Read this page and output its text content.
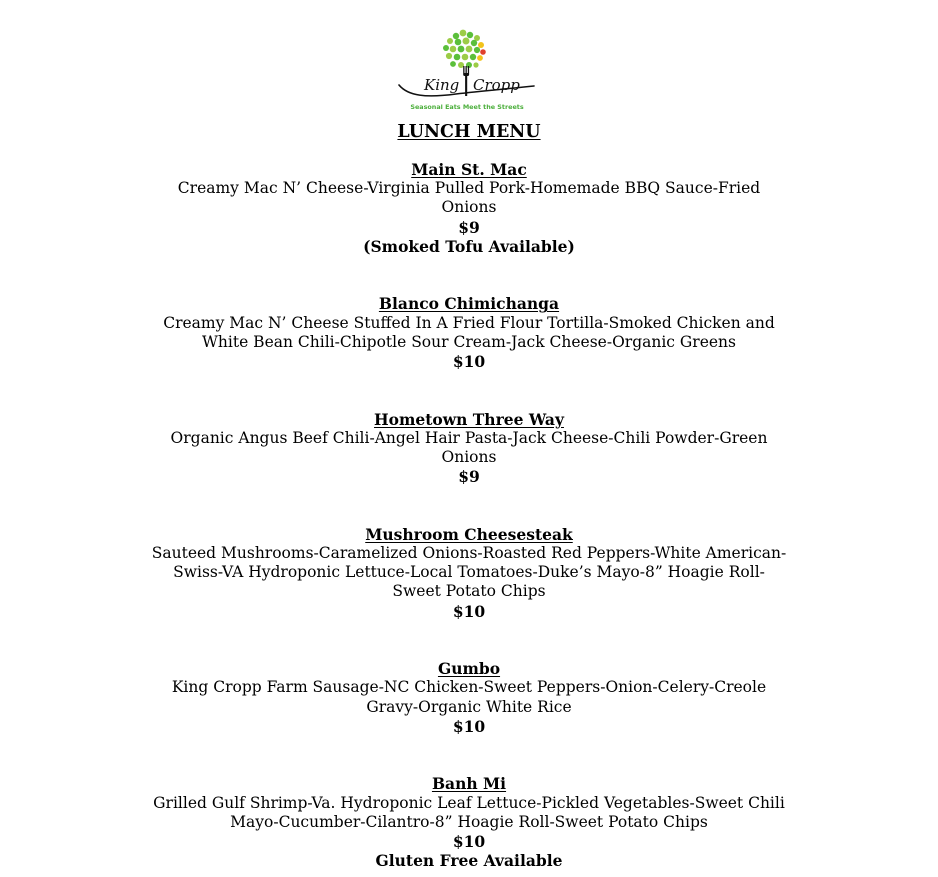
King Cropp
Seasonal Eats Meet the Streets
LUNCH MENU
Main St. Mac
Creamy Mac N’ Cheese-Virginia Pulled Pork-Homemade BBQ Sauce-Fried Onions
$9
(Smoked Tofu Available)
Blanco Chimichanga
Creamy Mac N’ Cheese Stuffed In A Fried Flour Tortilla-Smoked Chicken and White Bean Chili-Chipotle Sour Cream-Jack Cheese-Organic Greens
$10
Hometown Three Way
Organic Angus Beef Chili-Angel Hair Pasta-Jack Cheese-Chili Powder-Green Onions
$9
Mushroom Cheesesteak
Sauteed Mushrooms-Caramelized Onions-Roasted Red Peppers-White American-Swiss-VA Hydroponic Lettuce-Local Tomatoes-Duke’s Mayo-8” Hoagie Roll-Sweet Potato Chips
$10
Gumbo
King Cropp Farm Sausage-NC Chicken-Sweet Peppers-Onion-Celery-Creole Gravy-Organic White Rice
$10
Banh Mi
Grilled Gulf Shrimp-Va. Hydroponic Leaf Lettuce-Pickled Vegetables-Sweet Chili Mayo-Cucumber-Cilantro-8” Hoagie Roll-Sweet Potato Chips
$10
Gluten Free Available
